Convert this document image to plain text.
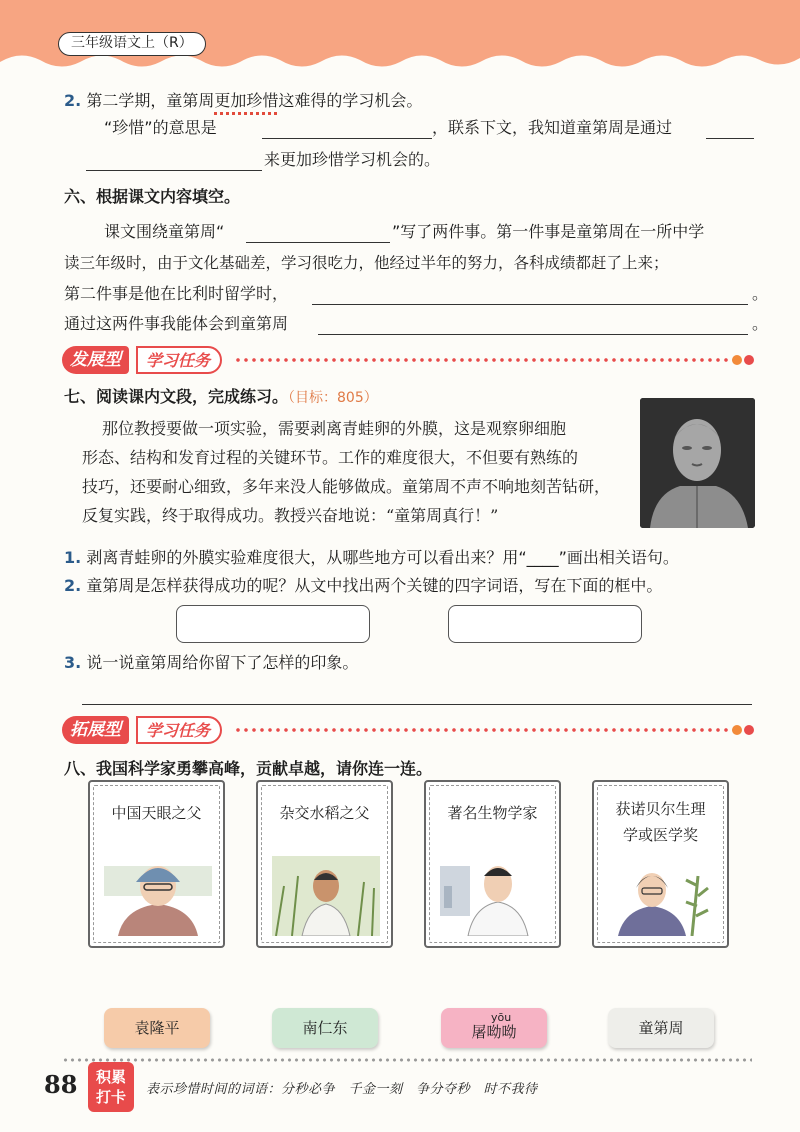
三年级语文上（R）
2. 第二学期，童第周更加珍惜这难得的学习机会。
“珍惜”的意思是	，联系下文，我知道童第周是通过
来更加珍惜学习机会的。
六、根据课文内容填空。
课文围绕童第周“	”写了两件事。第一件事是童第周在一所中学
读三年级时，由于文化基础差，学习很吃力，他经过半年的努力，各科成绩都赶了上来；
第二件事是他在比利时留学时，	。
通过这两件事我能体会到童第周	。
发展型	学习任务
七、阅读课内文段，完成练习。（目标：805）
那位教授要做一项实验，需要剥离青蛙卵的外膜，这是观察卵细胞
形态、结构和发育过程的关键环节。工作的难度很大，不但要有熟练的
技巧，还要耐心细致，多年来没人能够做成。童第周不声不响地刻苦钻研，
反复实践，终于取得成功。教授兴奋地说：“童第周真行！”
1. 剥离青蛙卵的外膜实验难度很大，从哪些地方可以看出来？用“____”画出相关语句。
2. 童第周是怎样获得成功的呢？从文中找出两个关键的四字词语，写在下面的框中。
3. 说一说童第周给你留下了怎样的印象。
拓展型	学习任务
八、我国科学家勇攀高峰，贡献卓越，请你连一连。
中国天眼之父	杂交水稻之父	著名生物学家	获诺贝尔生理
学或医学奖
袁隆平	南仁东
yōu
屠呦呦	童第周
88	积累
打卡	表示珍惜时间的词语：分秒必争　千金一刻　争分夺秒　时不我待
